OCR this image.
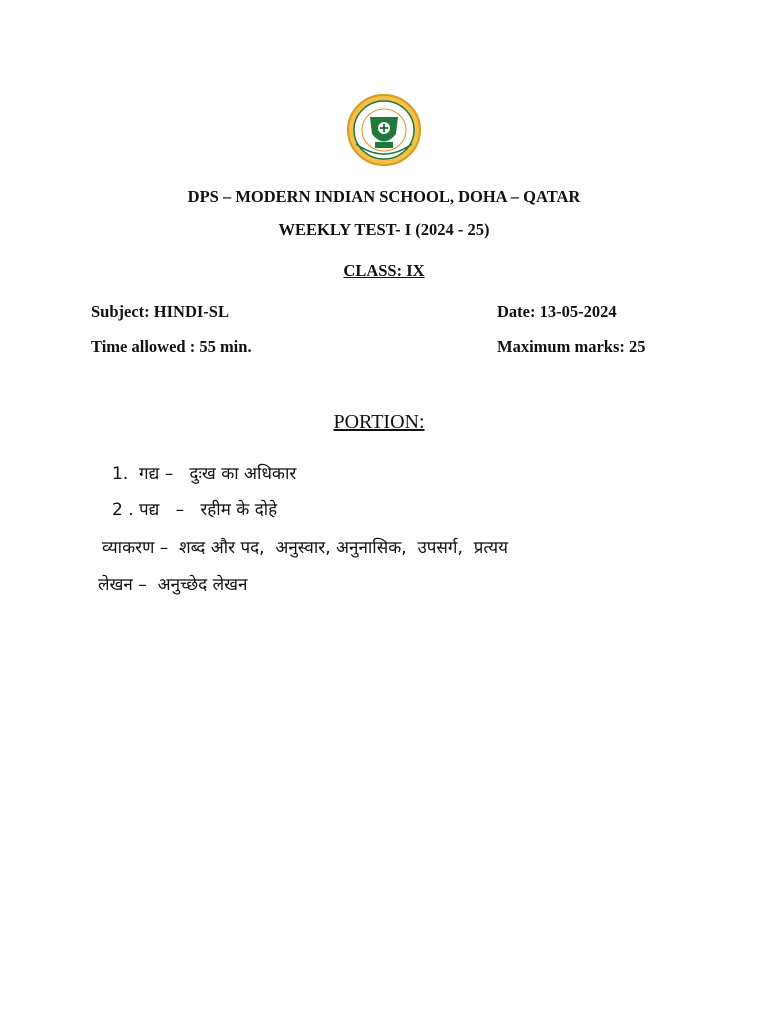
DPS – MODERN INDIAN SCHOOL, DOHA – QATAR
WEEKLY TEST- I (2024 - 25)
CLASS: IX
Subject: HINDI-SL	Date: 13-05-2024
Time allowed : 55 min.	Maximum marks: 25
PORTION:
1.  गद्य –   दुःख का अधिकार
2 . पद्य   –   रहीम के दोहे
व्याकरण –  शब्द और पद,  अनुस्वार, अनुनासिक,  उपसर्ग,  प्रत्यय
लेखन –  अनुच्छेद लेखन
